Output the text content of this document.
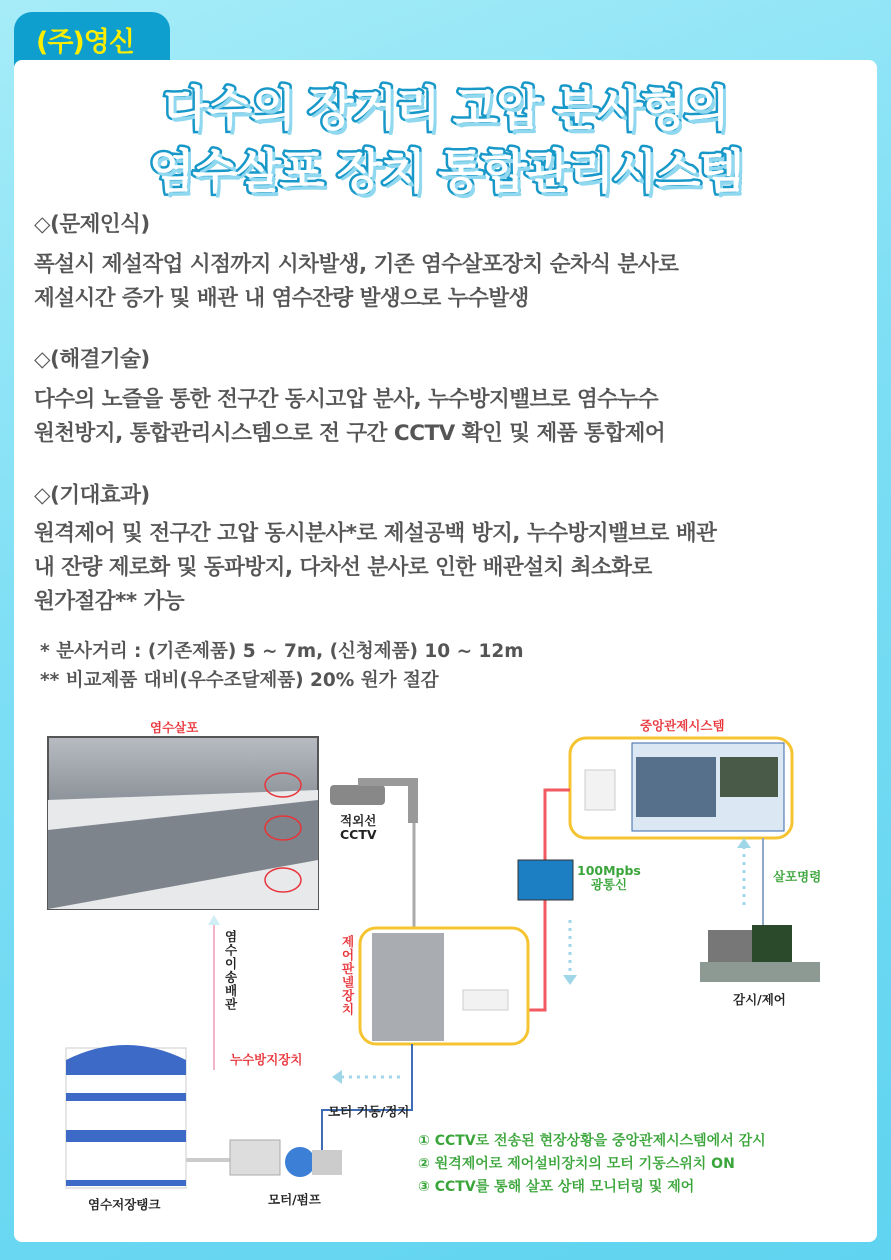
(주)영신
다수의 장거리 고압 분사형의
염수살포 장치 통합관리시스템
◇(문제인식)
폭설시 제설작업 시점까지 시차발생, 기존 염수살포장치 순차식 분사로
제설시간 증가 및 배관 내 염수잔량 발생으로 누수발생
◇(해결기술)
다수의 노즐을 통한 전구간 동시고압 분사, 누수방지밸브로 염수누수
원천방지, 통합관리시스템으로 전 구간 CCTV 확인 및 제품 통합제어
◇(기대효과)
원격제어 및 전구간 고압 동시분사*로 제설공백 방지, 누수방지밸브로 배관
내 잔량 제로화 및 동파방지, 다차선 분사로 인한 배관설치 최소화로
원가절감** 가능
* 분사거리 : (기존제품) 5 ~ 7m, (신청제품) 10 ~ 12m
** 비교제품 대비(우수조달제품) 20% 원가 절감
염수살포
적외선
CCTV
중앙관제시스템
100Mpbs
광통신
살포명령
감시/제어
제어판넬장치
염수이송배관
누수방지장치
모터 기동/정지
염수저장탱크	모터/펌프
① CCTV로 전송된 현장상황을 중앙관제시스템에서 감시
② 원격제어로 제어설비장치의 모터 기동스위치 ON
③ CCTV를 통해 살포 상태 모니터링 및 제어
